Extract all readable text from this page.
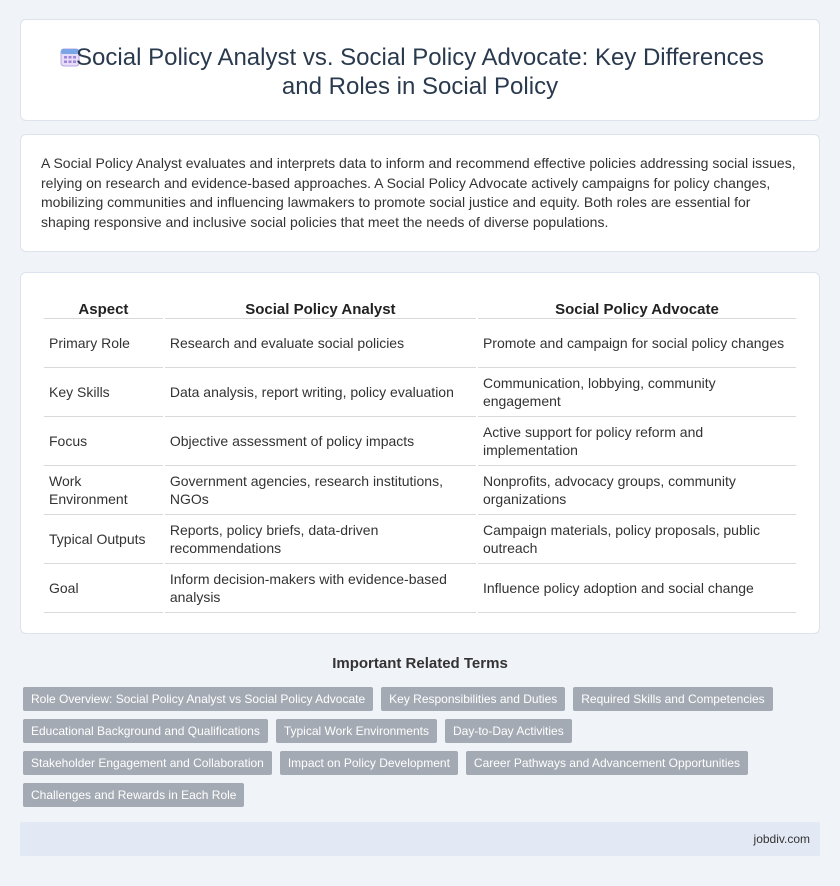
Social Policy Analyst vs. Social Policy Advocate: Key Differences and Roles in Social Policy

A Social Policy Analyst evaluates and interprets data to inform and recommend effective policies addressing social issues, relying on research and evidence-based approaches. A Social Policy Advocate actively campaigns for policy changes, mobilizing communities and influencing lawmakers to promote social justice and equity. Both roles are essential for shaping responsive and inclusive social policies that meet the needs of diverse populations.

Aspect	Social Policy Analyst	Social Policy Advocate
Primary Role	Research and evaluate social policies	Promote and campaign for social policy changes
Key Skills	Data analysis, report writing, policy evaluation	Communication, lobbying, community engagement
Focus	Objective assessment of policy impacts	Active support for policy reform and implementation
Work Environment	Government agencies, research institutions, NGOs	Nonprofits, advocacy groups, community organizations
Typical Outputs	Reports, policy briefs, data-driven recommendations	Campaign materials, policy proposals, public outreach
Goal	Inform decision-makers with evidence-based analysis	Influence policy adoption and social change
Important Related Terms
Role Overview: Social Policy Analyst vs Social Policy Advocate	Key Responsibilities and Duties	Required Skills and Competencies
Educational Background and Qualifications	Typical Work Environments	Day-to-Day Activities
Stakeholder Engagement and Collaboration	Impact on Policy Development	Career Pathways and Advancement Opportunities
Challenges and Rewards in Each Role
jobdiv.com
